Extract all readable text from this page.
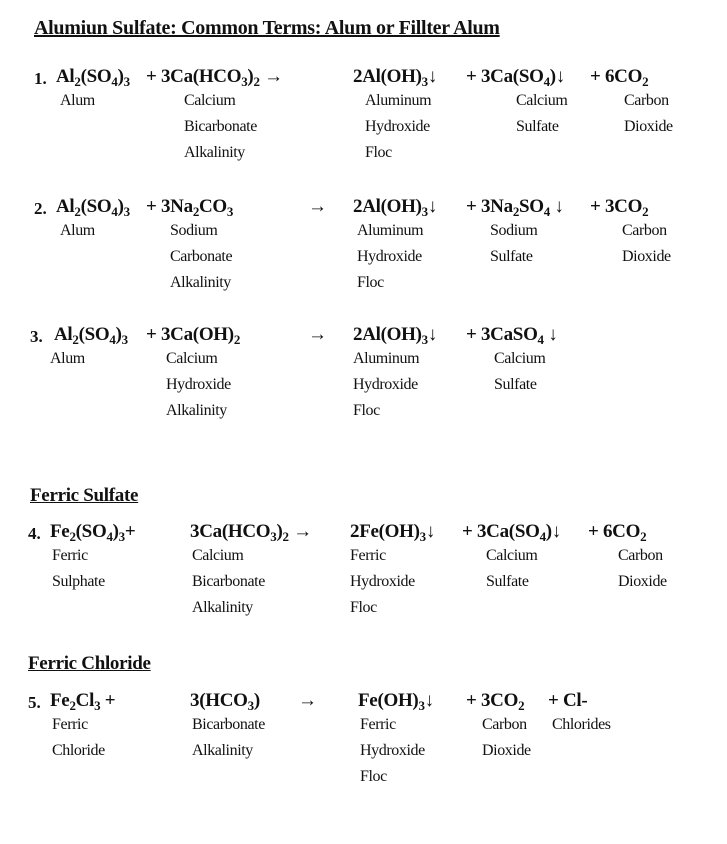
Alumiun Sulfate: Common Terms: Alum or Fillter Alum
1. $Al_2(SO_4)_3$
Alum
+ $3Ca(HCO_3)_2$ →
Calcium
Bicarbonate
Alkalinity
$2Al(OH)_3↓$
Aluminum
Hydroxide
Floc
+ $3Ca(SO_4)↓$
Calcium
Sulfate
+ $6CO_2$
Carbon
Dioxide
2. $Al_2(SO_4)_3$
Alum
+ $3Na_2CO_3$
Sodium
Carbonate
Alkalinity
→ $2Al(OH)_3↓$
Aluminum
Hydroxide
Floc
+ $3Na_2SO_4$ ↓
Sodium
Sulfate
+ $3CO_2$
Carbon
Dioxide
3. $Al_2(SO_4)_3$
Alum
+ $3Ca(OH)_2$
Calcium
Hydroxide
Alkalinity
→ $2Al(OH)_3↓$
Aluminum
Hydroxide
Floc
+ 3CaSO$_4$ ↓
Calcium
Sulfate
Ferric Sulfate
4. $Fe_2(SO_4)_3+$
Ferric
Sulphate
$3Ca(HCO_3)_2$ →
Calcium
Bicarbonate
Alkalinity
$2Fe(OH)_3↓$
Ferric
Hydroxide
Floc
+ $3Ca(SO_4)↓$
Calcium
Sulfate
+ $6CO_2$
Carbon
Dioxide
Ferric Chloride
5. $Fe_2Cl_3$ +
Ferric
Chloride
$3(HCO_3)$
Bicarbonate
Alkalinity
→ $Fe(OH)_3↓$
Ferric
Hydroxide
Floc
+ $3CO_2$
Carbon
Dioxide
+ Cl-
Chlorides
